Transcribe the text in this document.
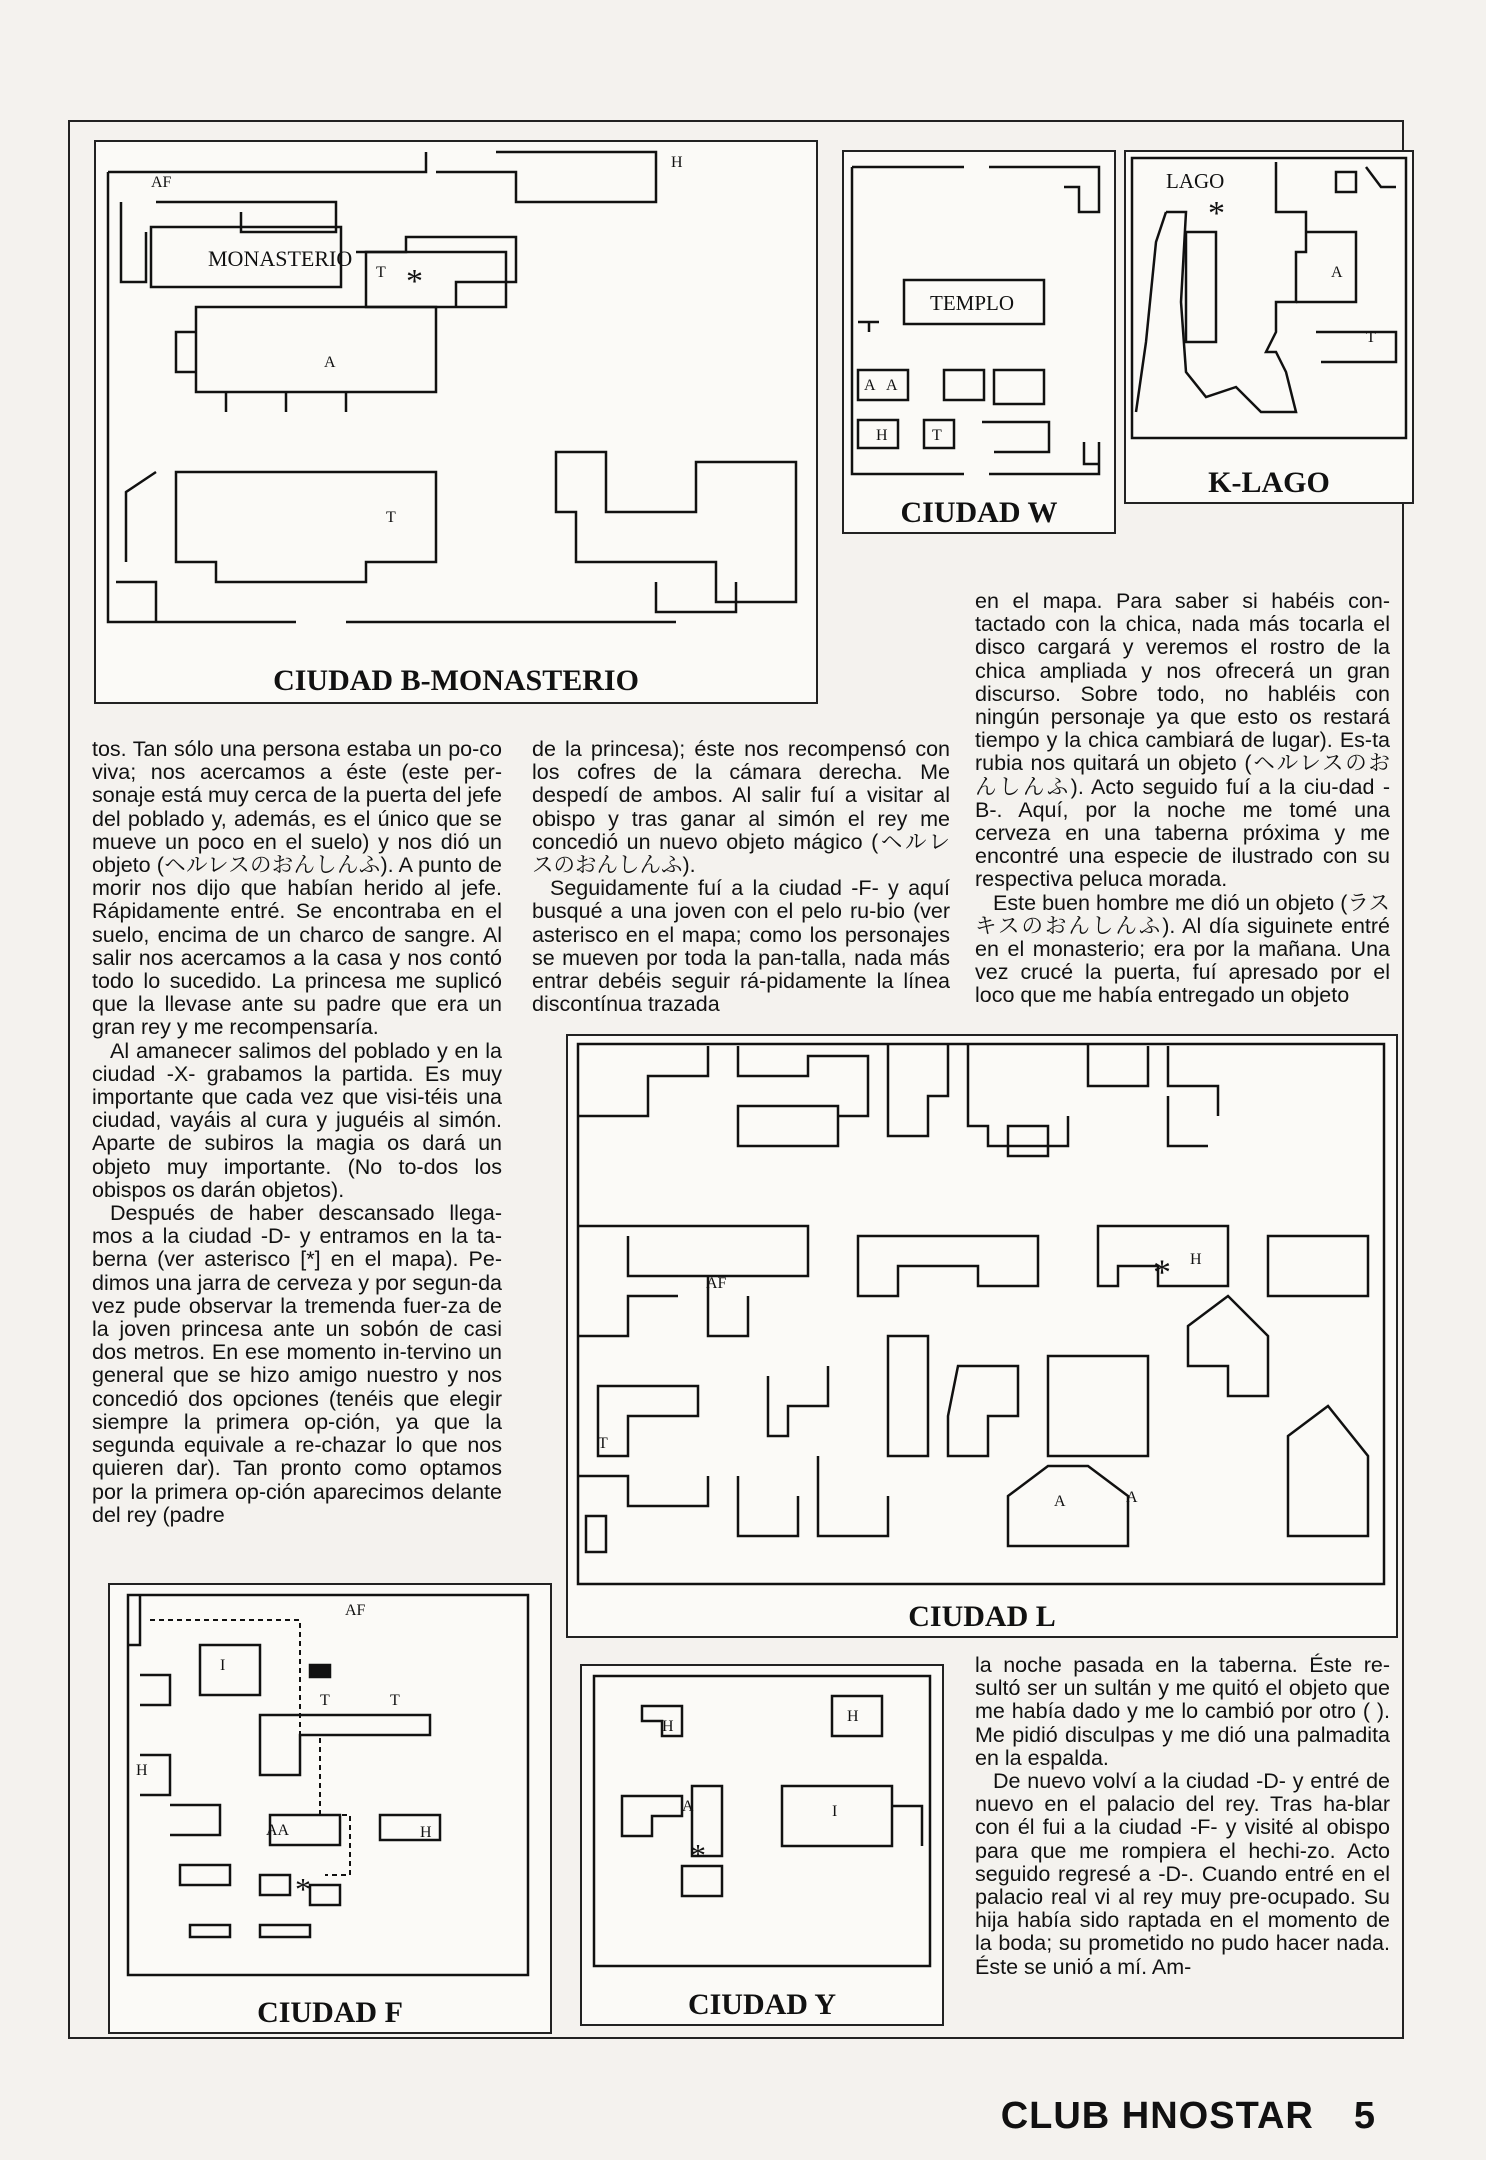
AF
MONASTERIO
H
T *
A
T
CIUDAD B-MONASTERIO
TEMPLO
A A
H	T
CIUDAD W
LAGO
*
A
T
K-LAGO

tos. Tan sólo una persona estaba un po-co viva; nos acercamos a éste (este per-sonaje está muy cerca de la puerta del jefe del poblado y, además, es el único que se mueve un poco en el suelo) y nos dió un objeto (ヘルレスのおんしんふ). A punto de morir nos dijo que habían herido al jefe. Rápidamente entré. Se encontraba en el suelo, encima de un charco de sangre. Al salir nos acercamos a la casa y nos contó todo lo sucedido. La princesa me suplicó que la llevase ante su padre que era un gran rey y me recompensaría.

Al amanecer salimos del poblado y en la ciudad -X- grabamos la partida. Es muy importante que cada vez que visi-téis una ciudad, vayáis al cura y juguéis al simón. Aparte de subiros la magia os dará un objeto muy importante. (No to-dos los obispos os darán objetos).

Después de haber descansado llega-mos a la ciudad -D- y entramos en la ta-berna (ver asterisco [*] en el mapa). Pe-dimos una jarra de cerveza y por segun-da vez pude observar la tremenda fuer-za de la joven princesa ante un sobón de casi dos metros. En ese momento in-tervino un general que se hizo amigo nuestro y nos concedió dos opciones (tenéis que elegir siempre la primera op-ción, ya que la segunda equivale a re-chazar lo que nos quieren dar). Tan pronto como optamos por la primera op-ción aparecimos delante del rey (padre

de la princesa); éste nos recompensó con los cofres de la cámara derecha. Me despedí de ambos. Al salir fuí a visitar al obispo y tras ganar al simón el rey me concedió un nuevo objeto mágico (ヘルレスのおんしんふ).

Seguidamente fuí a la ciudad -F- y aquí busqué a una joven con el pelo ru-bio (ver asterisco en el mapa; como los personajes se mueven por toda la pan-talla, nada más entrar debéis seguir rá-pidamente la línea discontínua trazada

en el mapa. Para saber si habéis con-tactado con la chica, nada más tocarla el disco cargará y veremos el rostro de la chica ampliada y nos ofrecerá un gran discurso. Sobre todo, no habléis con ningún personaje ya que esto os restará tiempo y la chica cambiará de lugar). Es-ta rubia nos quitará un objeto (ヘルレスのおんしんふ). Acto seguido fuí a la ciu-dad -B-. Aquí, por la noche me tomé una cerveza en una taberna próxima y me encontré una especie de ilustrado con su respectiva peluca morada.

Este buen hombre me dió un objeto (ラスキスのおんしんふ). Al día siguinete entré en el monasterio; era por la mañana. Una vez crucé la puerta, fuí apresado por el loco que me había entregado un objeto

AF
H
*
T
A	A
CIUDAD L
AF
I
T	T
H
AA	H
*
CIUDAD F
H
H
A	I
*
CIUDAD Y

la noche pasada en la taberna. Éste re-sultó ser un sultán y me quitó el objeto que me había dado y me lo cambió por otro ( ). Me pidió disculpas y me dió una palmadita en la espalda.

De nuevo volví a la ciudad -D- y entré de nuevo en el palacio del rey. Tras ha-blar con él fui a la ciudad -F- y visité al obispo para que me rompiera el hechi-zo. Acto seguido regresé a -D-. Cuando entré en el palacio real vi al rey muy pre-ocupado. Su hija había sido raptada en el momento de la boda; su prometido no pudo hacer nada. Éste se unió a mí. Am-

CLUB HNOSTAR 5
